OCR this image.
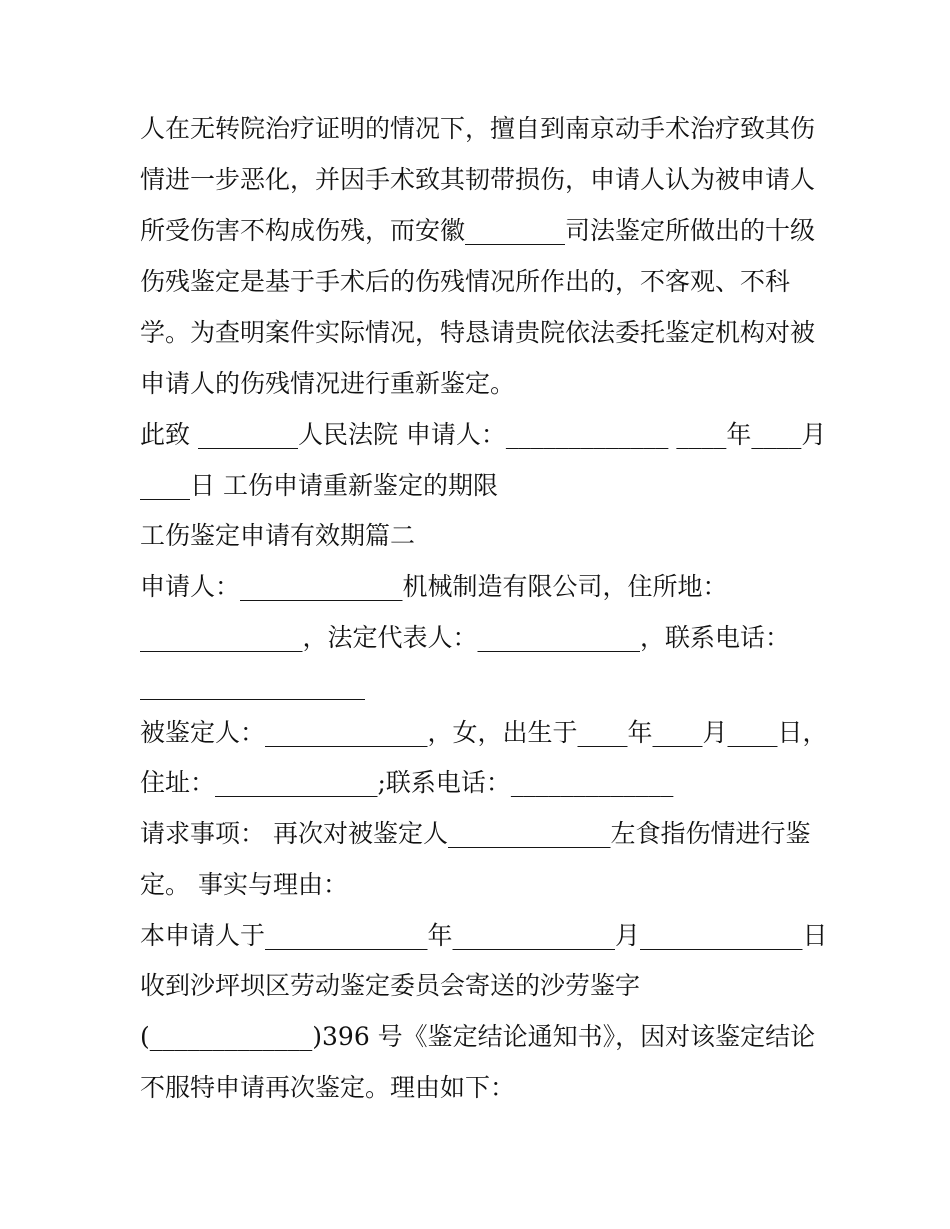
人在无转院治疗证明的情况下，擅自到南京动手术治疗致其伤
情进一步恶化，并因手术致其韧带损伤，申请人认为被申请人
所受伤害不构成伤残，而安徽________司法鉴定所做出的十级
伤残鉴定是基于手术后的伤残情况所作出的，不客观、不科
学。为查明案件实际情况，特恳请贵院依法委托鉴定机构对被
申请人的伤残情况进行重新鉴定。
此致 ________人民法院 申请人：_____________ ____年____月
____日 工伤申请重新鉴定的期限
工伤鉴定申请有效期篇二
申请人：_____________机械制造有限公司，住所地：
_____________，法定代表人：_____________，联系电话：
__________________
被鉴定人：_____________，女，出生于____年____月____日，
住址：_____________;联系电话：_____________
请求事项： 再次对被鉴定人_____________左食指伤情进行鉴
定。 事实与理由：
本申请人于_____________年_____________月_____________日
收到沙坪坝区劳动鉴定委员会寄送的沙劳鉴字
(_____________)396 号《鉴定结论通知书》，因对该鉴定结论
不服特申请再次鉴定。理由如下：
